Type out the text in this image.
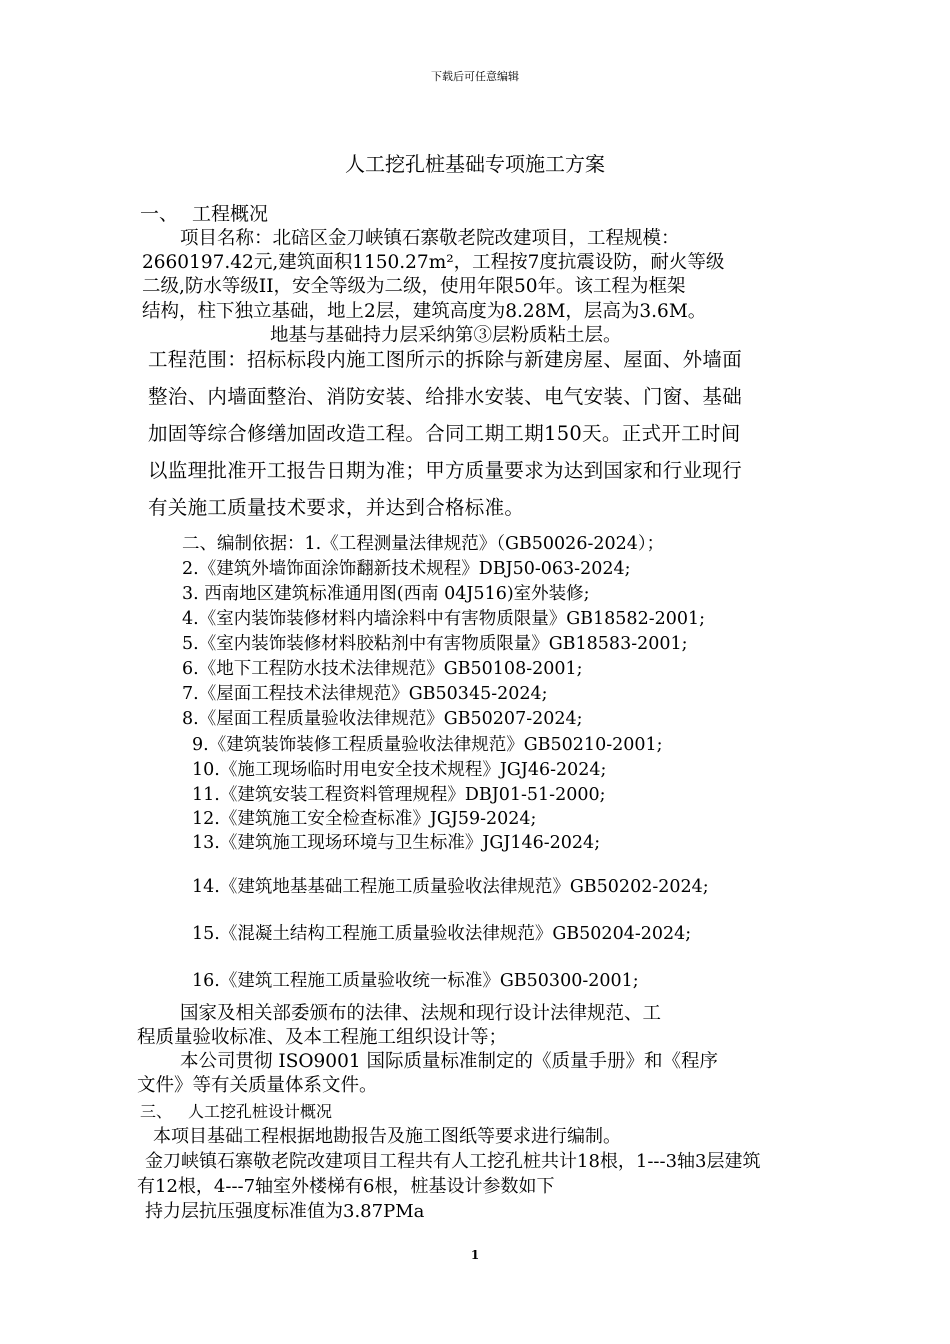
下载后可任意编辑
人工挖孔桩基础专项施工方案
一、 工程概况
项目名称：北碚区金刀峡镇石寨敬老院改建项目，工程规模：
2660197.42元,建筑面积1150.27m²，工程按7度抗震设防，耐火等级
二级,防水等级ⅠI，安全等级为二级，使用年限50年。该工程为框架
结构，柱下独立基础，地上2层，建筑高度为8.28M，层高为3.6M。
地基与基础持力层采纳第③层粉质粘土层。
工程范围：招标标段内施工图所示的拆除与新建房屋、屋面、外墙面
整治、内墙面整治、消防安装、给排水安装、电气安装、门窗、基础
加固等综合修缮加固改造工程。合同工期工期150天。正式开工时间
以监理批准开工报告日期为准；甲方质量要求为达到国家和行业现行
有关施工质量技术要求，并达到合格标准。
二、编制依据：1.《工程测量法律规范》（GB50026-2024）；
2.《建筑外墙饰面涂饰翻新技术规程》DBJ50-063-2024;
3. 西南地区建筑标准通用图(西南 04J516)室外装修;
4.《室内装饰装修材料内墙涂料中有害物质限量》GB18582-2001;
5.《室内装饰装修材料胶粘剂中有害物质限量》GB18583-2001;
6.《地下工程防水技术法律规范》GB50108-2001;
7.《屋面工程技术法律规范》GB50345-2024;
8.《屋面工程质量验收法律规范》GB50207-2024;
9.《建筑装饰装修工程质量验收法律规范》GB50210-2001;
10.《施工现场临时用电安全技术规程》JGJ46-2024;
11.《建筑安装工程资料管理规程》DBJ01-51-2000;
12.《建筑施工安全检查标准》JGJ59-2024;
13.《建筑施工现场环境与卫生标准》JGJ146-2024;
14.《建筑地基基础工程施工质量验收法律规范》GB50202-2024;
15.《混凝土结构工程施工质量验收法律规范》GB50204-2024;
16.《建筑工程施工质量验收统一标准》GB50300-2001;
国家及相关部委颁布的法律、法规和现行设计法律规范、工
程质量验收标准、及本工程施工组织设计等；
本公司贯彻 ISO9001 国际质量标准制定的《质量手册》和《程序
文件》等有关质量体系文件。
三、 人工挖孔桩设计概况
本项目基础工程根据地勘报告及施工图纸等要求进行编制。
金刀峡镇石寨敬老院改建项目工程共有人工挖孔桩共计18根，1---3轴3层建筑
有12根，4---7轴室外楼梯有6根，桩基设计参数如下
持力层抗压强度标准值为3.87PMa
1
